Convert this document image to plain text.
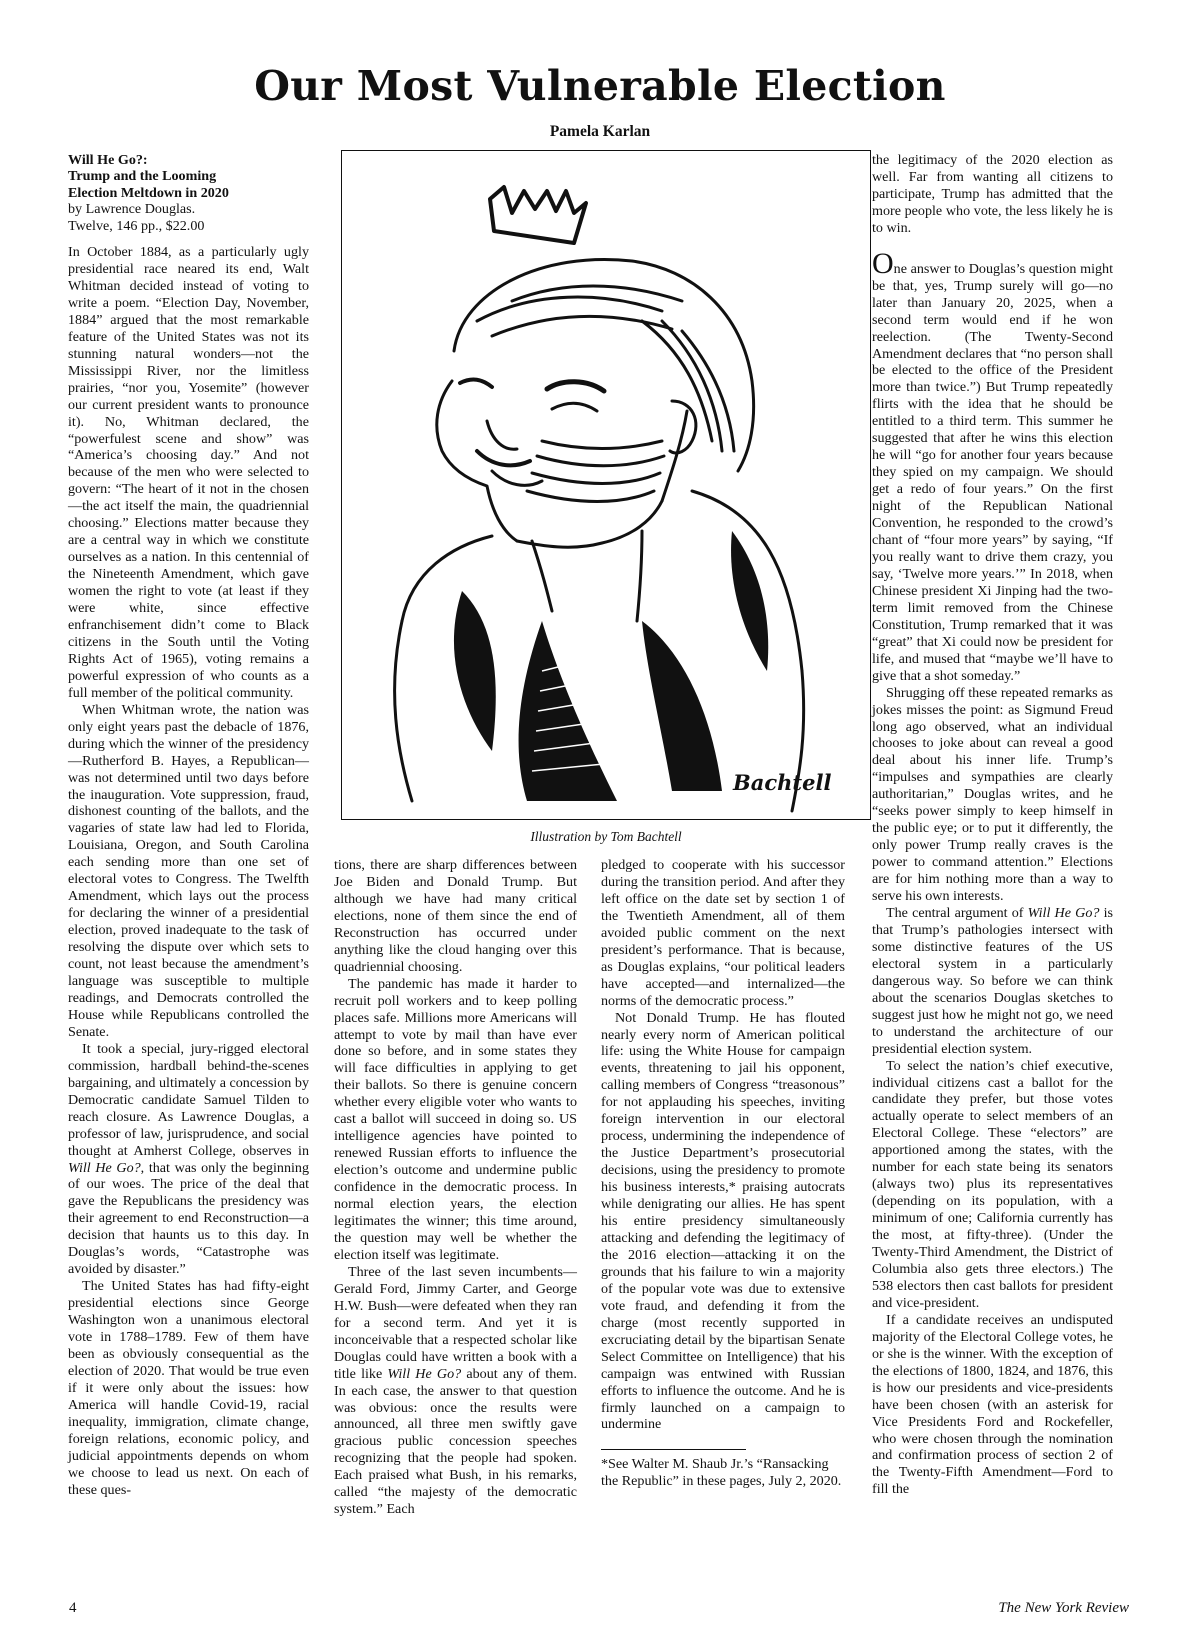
Our Most Vulnerable Election
Pamela Karlan
Will He Go?:
Trump and the Looming
Election Meltdown in 2020
by Lawrence Douglas.
Twelve, 146 pp., $22.00

In October 1884, as a particularly ugly presidential race neared its end, Walt Whitman decided instead of voting to write a poem. “Election Day, November, 1884” argued that the most remarkable feature of the United States was not its stunning natural wonders—not the Mississippi River, nor the limitless prairies, “nor you, Yosemite” (however our current president wants to pronounce it). No, Whitman declared, the “powerfulest scene and show” was “America’s choosing day.” And not because of the men who were selected to govern: “The heart of it not in the chosen—the act itself the main, the quadriennial choosing.” Elections matter because they are a central way in which we constitute ourselves as a nation. In this centennial of the Nineteenth Amendment, which gave women the right to vote (at least if they were white, since effective enfranchisement didn’t come to Black citizens in the South until the Voting Rights Act of 1965), voting remains a powerful expression of who counts as a full member of the political community.

When Whitman wrote, the nation was only eight years past the debacle of 1876, during which the winner of the presidency—Rutherford B. Hayes, a Republican—was not determined until two days before the inauguration. Vote suppression, fraud, dishonest counting of the ballots, and the vagaries of state law had led to Florida, Louisiana, Oregon, and South Carolina each sending more than one set of electoral votes to Congress. The Twelfth Amendment, which lays out the process for declaring the winner of a presidential election, proved inadequate to the task of resolving the dispute over which sets to count, not least because the amendment’s language was susceptible to multiple readings, and Democrats controlled the House while Republicans controlled the Senate.

It took a special, jury-rigged electoral commission, hardball behind-the-scenes bargaining, and ultimately a concession by Democratic candidate Samuel Tilden to reach closure. As Lawrence Douglas, a professor of law, jurisprudence, and social thought at Amherst College, observes in Will He Go?, that was only the beginning of our woes. The price of the deal that gave the Republicans the presidency was their agreement to end Reconstruction—a decision that haunts us to this day. In Douglas’s words, “Catastrophe was avoided by disaster.”

The United States has had fifty-eight presidential elections since George Washington won a unanimous electoral vote in 1788–1789. Few of them have been as obviously consequential as the election of 2020. That would be true even if it were only about the issues: how America will handle Covid-19, racial inequality, immigration, climate change, foreign relations, economic policy, and judicial appointments depends on whom we choose to lead us next. On each of these ques-

Bachtell
Illustration by Tom Bachtell

tions, there are sharp differences between Joe Biden and Donald Trump. But although we have had many critical elections, none of them since the end of Reconstruction has occurred under anything like the cloud hanging over this quadriennial choosing.

The pandemic has made it harder to recruit poll workers and to keep polling places safe. Millions more Americans will attempt to vote by mail than have ever done so before, and in some states they will face difficulties in applying to get their ballots. So there is genuine concern whether every eligible voter who wants to cast a ballot will succeed in doing so. US intelligence agencies have pointed to renewed Russian efforts to influence the election’s outcome and undermine public confidence in the democratic process. In normal election years, the election legitimates the winner; this time around, the question may well be whether the election itself was legitimate.

Three of the last seven incumbents—Gerald Ford, Jimmy Carter, and George H.W. Bush—were defeated when they ran for a second term. And yet it is inconceivable that a respected scholar like Douglas could have written a book with a title like Will He Go? about any of them. In each case, the answer to that question was obvious: once the results were announced, all three men swiftly gave gracious public concession speeches recognizing that the people had spoken. Each praised what Bush, in his remarks, called “the majesty of the democratic system.” Each

pledged to cooperate with his successor during the transition period. And after they left office on the date set by section 1 of the Twentieth Amendment, all of them avoided public comment on the next president’s performance. That is because, as Douglas explains, “our political leaders have accepted—and internalized—the norms of the democratic process.”

Not Donald Trump. He has flouted nearly every norm of American political life: using the White House for campaign events, threatening to jail his opponent, calling members of Congress “treasonous” for not applauding his speeches, inviting foreign intervention in our electoral process, undermining the independence of the Justice Department’s prosecutorial decisions, using the presidency to promote his business interests,* praising autocrats while denigrating our allies. He has spent his entire presidency simultaneously attacking and defending the legitimacy of the 2016 election—attacking it on the grounds that his failure to win a majority of the popular vote was due to extensive vote fraud, and defending it from the charge (most recently supported in excruciating detail by the bipartisan Senate Select Committee on Intelligence) that his campaign was entwined with Russian efforts to influence the outcome. And he is firmly launched on a campaign to undermine

*See Walter M. Shaub Jr.’s “Ransacking the Republic” in these pages, July 2, 2020.

the legitimacy of the 2020 election as well. Far from wanting all citizens to participate, Trump has admitted that the more people who vote, the less likely he is to win.

One answer to Douglas’s question might be that, yes, Trump surely will go—no later than January 20, 2025, when a second term would end if he won reelection. (The Twenty-Second Amendment declares that “no person shall be elected to the office of the President more than twice.”) But Trump repeatedly flirts with the idea that he should be entitled to a third term. This summer he suggested that after he wins this election he will “go for another four years because they spied on my campaign. We should get a redo of four years.” On the first night of the Republican National Convention, he responded to the crowd’s chant of “four more years” by saying, “If you really want to drive them crazy, you say, ‘Twelve more years.’” In 2018, when Chinese president Xi Jinping had the two-term limit removed from the Chinese Constitution, Trump remarked that it was “great” that Xi could now be president for life, and mused that “maybe we’ll have to give that a shot someday.”

Shrugging off these repeated remarks as jokes misses the point: as Sigmund Freud long ago observed, what an individual chooses to joke about can reveal a good deal about his inner life. Trump’s “impulses and sympathies are clearly authoritarian,” Douglas writes, and he “seeks power simply to keep himself in the public eye; or to put it differently, the only power Trump really craves is the power to command attention.” Elections are for him nothing more than a way to serve his own interests.

The central argument of Will He Go? is that Trump’s pathologies intersect with some distinctive features of the US electoral system in a particularly dangerous way. So before we can think about the scenarios Douglas sketches to suggest just how he might not go, we need to understand the architecture of our presidential election system.

To select the nation’s chief executive, individual citizens cast a ballot for the candidate they prefer, but those votes actually operate to select members of an Electoral College. These “electors” are apportioned among the states, with the number for each state being its senators (always two) plus its representatives (depending on its population, with a minimum of one; California currently has the most, at fifty-three). (Under the Twenty-Third Amendment, the District of Columbia also gets three electors.) The 538 electors then cast ballots for president and vice-president.

If a candidate receives an undisputed majority of the Electoral College votes, he or she is the winner. With the exception of the elections of 1800, 1824, and 1876, this is how our presidents and vice-presidents have been chosen (with an asterisk for Vice Presidents Ford and Rockefeller, who were chosen through the nomination and confirmation process of section 2 of the Twenty-Fifth Amendment—Ford to fill the

4	The New York Review
